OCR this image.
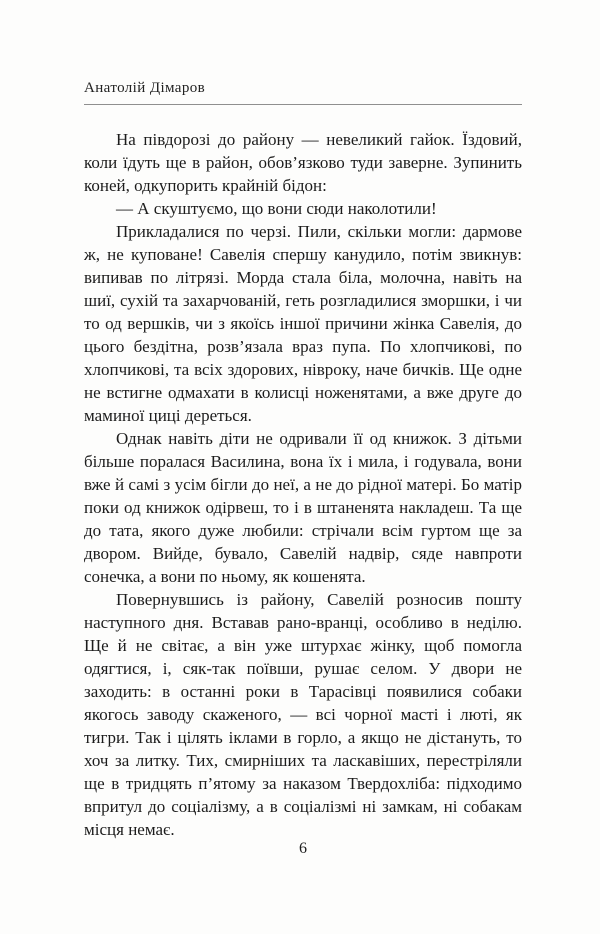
Анатолій Дімаров

На півдорозі до району — невеликий гайок. Їздовий, коли їдуть ще в район, обов’язково туди заверне. Зупинить коней, одкупорить крайній бідон:

— А скуштуємо, що вони сюди наколотили!

Прикладалися по черзі. Пили, скільки могли: дармове ж, не куповане! Савелія спершу канудило, потім звикнув: випивав по літрязі. Морда стала біла, молочна, навіть на шиї, сухій та захарчованій, геть розгладилися зморшки, і чи то од вершків, чи з якоїсь іншої причини жінка Савелія, до цього бездітна, розв’язала враз пупа. По хлопчикові, по хлопчикові, та всіх здорових, нівроку, наче бичків. Ще одне не встигне одмахати в колисці ноженятами, а вже друге до маминої циці дереться.

Однак навіть діти не одривали її од книжок. З дітьми більше поралася Василина, вона їх і мила, і годувала, вони вже й самі з усім бігли до неї, а не до рідної матері. Бо матір поки од книжок одірвеш, то і в штаненята накладеш. Та ще до тата, якого дуже любили: стрічали всім гуртом ще за двором. Вийде, бувало, Савелій надвір, сяде навпроти сонечка, а вони по ньому, як кошенята.

Повернувшись із району, Савелій розносив пошту наступного дня. Вставав рано-вранці, особливо в неділю. Ще й не світає, а він уже штурхає жінку, щоб помогла одягтися, і, сяк-так поївши, рушає селом. У двори не заходить: в останні роки в Тарасівці появилися собаки якогось заводу скаженого, — всі чорної масті і люті, як тигри. Так і цілять іклами в горло, а якщо не дістануть, то хоч за литку. Тих, смирніших та ласкавіших, перестріляли ще в тридцять п’ятому за наказом Твердохліба: підходимо впритул до соціалізму, а в соціалізмі ні замкам, ні собакам місця немає.

6
